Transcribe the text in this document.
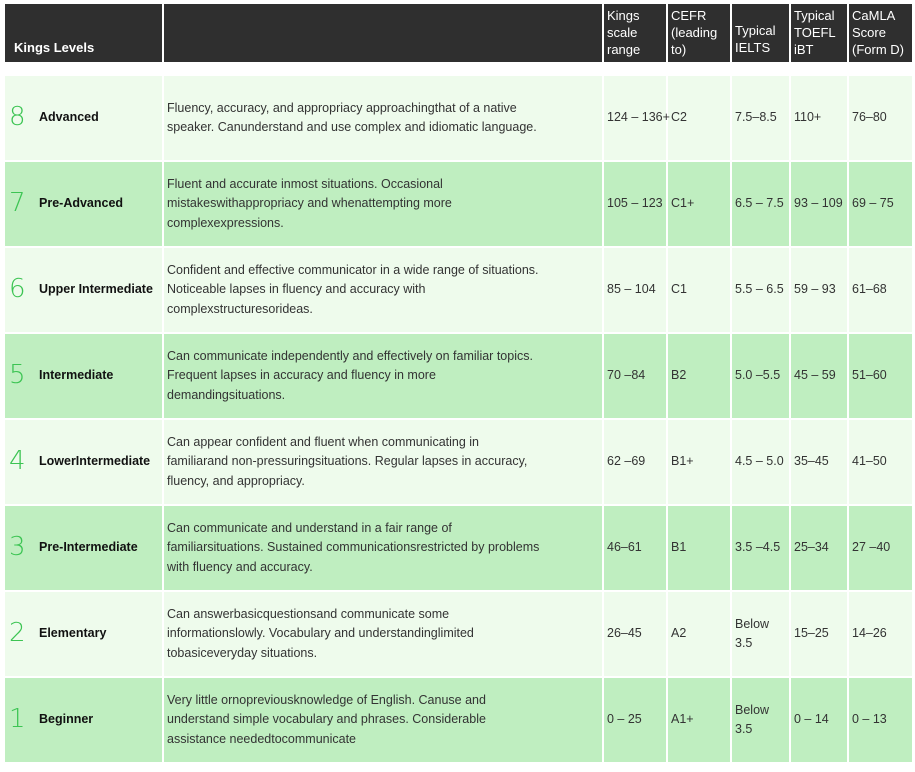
Kings Levels		Kings scale range	CEFR (leading to)	Typical IELTS	Typical TOEFL iBT	CaMLA Score (Form D)

8 Advanced	Fluency, accuracy, and appropriacy approachingthat of a native speaker. Canunderstand and use complex and idiomatic language.	124 – 136+	C2	7.5–8.5	110+	76–80
7 Pre-Advanced	Fluent and accurate inmost situations. Occasional mistakeswithappropriacy and whenattempting more complexexpressions.	105 – 123	C1+	6.5 – 7.5	93 – 109	69 – 75
6 Upper Intermediate	Confident and effective communicator in a wide range of situations. Noticeable lapses in fluency and accuracy with complexstructuresorideas.	85 – 104	C1	5.5 – 6.5	59 – 93	61–68
5 Intermediate	Can communicate independently and effectively on familiar topics. Frequent lapses in accuracy and fluency in more demandingsituations.	70 –84	B2	5.0 –5.5	45 – 59	51–60
4 LowerIntermediate	Can appear confident and fluent when communicating in familiarand non-pressuringsituations. Regular lapses in accuracy, fluency, and appropriacy.	62 –69	B1+	4.5 – 5.0	35–45	41–50
3 Pre-Intermediate	Can communicate and understand in a fair range of familiarsituations. Sustained communicationsrestricted by problems with fluency and accuracy.	46–61	B1	3.5 –4.5	25–34	27 –40
2 Elementary	Can answerbasicquestionsand communicate some informationslowly. Vocabulary and understandinglimited tobasiceveryday situations.	26–45	A2	Below 3.5	15–25	14–26
1 Beginner	Very little ornopreviousknowledge of English. Canuse and understand simple vocabulary and phrases. Considerable assistance neededtocommunicate	0 – 25	A1+	Below 3.5	0 – 14	0 – 13
